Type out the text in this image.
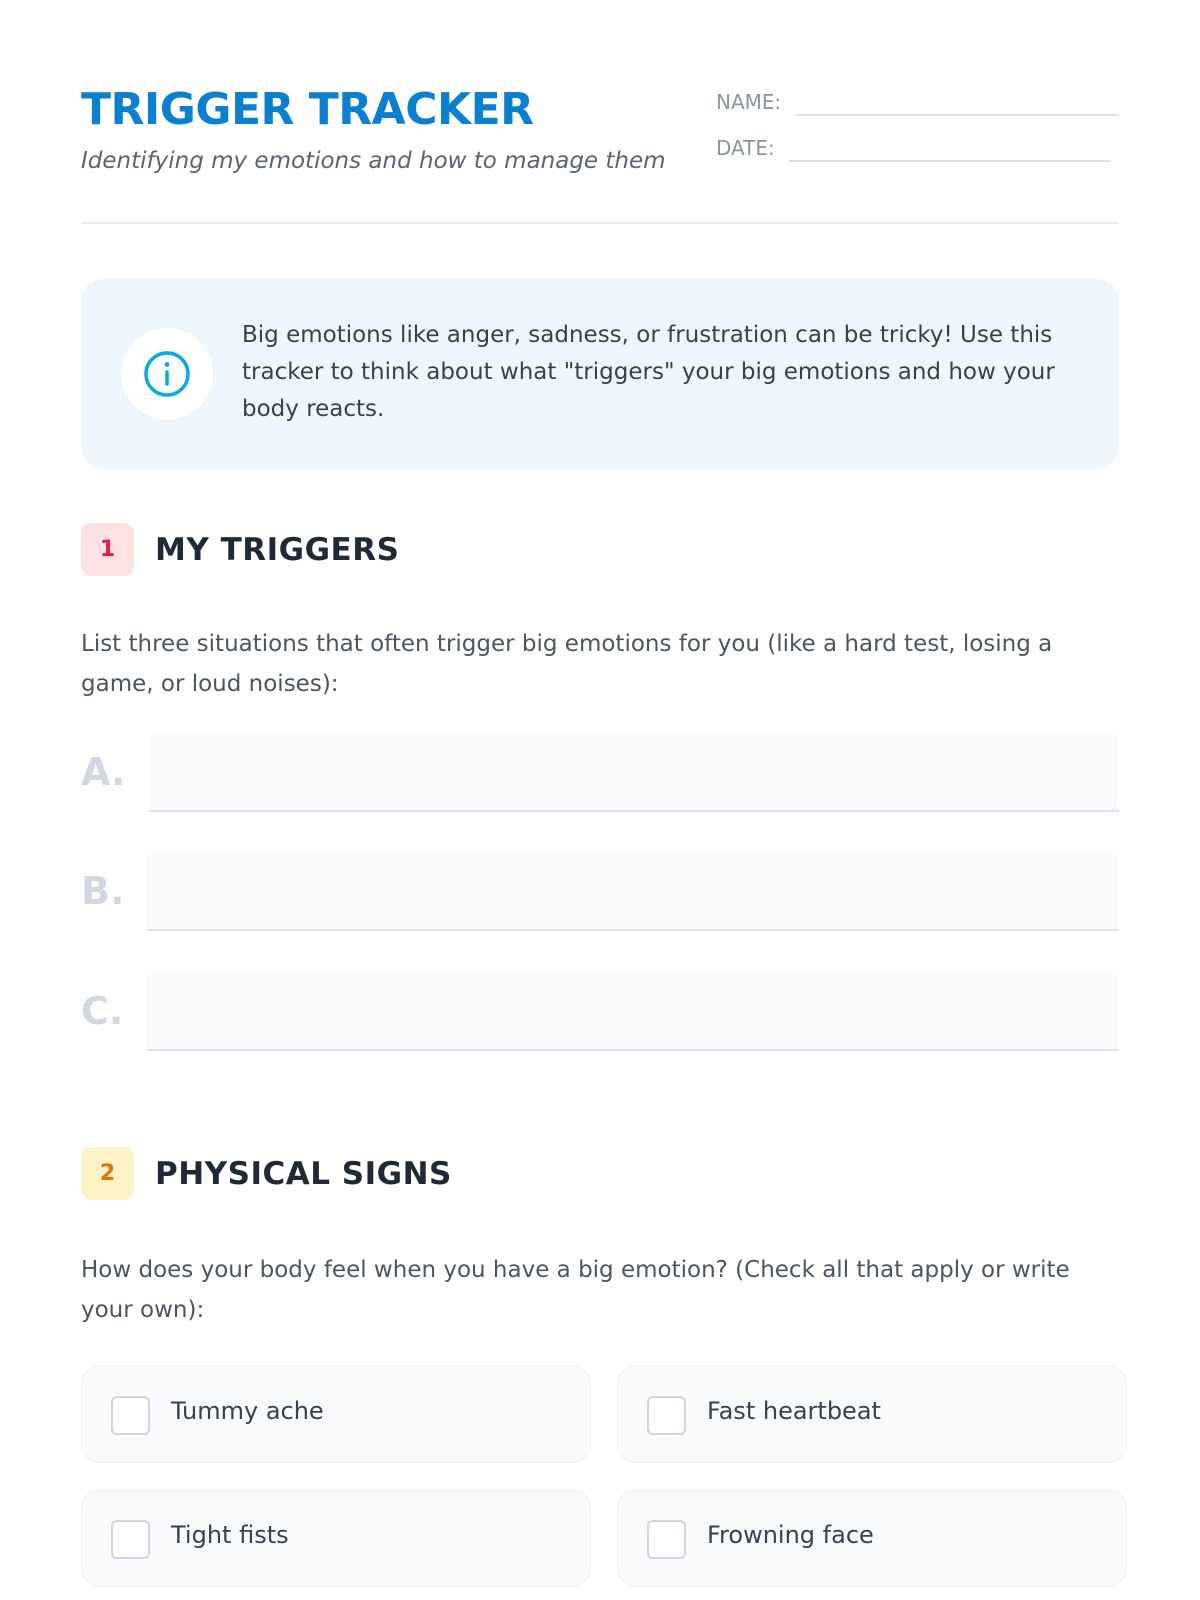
TRIGGER TRACKER
Identifying my emotions and how to manage them
NAME:
DATE:
Big emotions like anger, sadness, or frustration can be tricky! Use this tracker to think about what "triggers" your big emotions and how your body reacts.
1	MY TRIGGERS
List three situations that often trigger big emotions for you (like a hard test, losing a game, or loud noises):
A.
B.
C.
2	PHYSICAL SIGNS
How does your body feel when you have a big emotion? (Check all that apply or write your own):
Tummy ache	Fast heartbeat
Tight fists	Frowning face
